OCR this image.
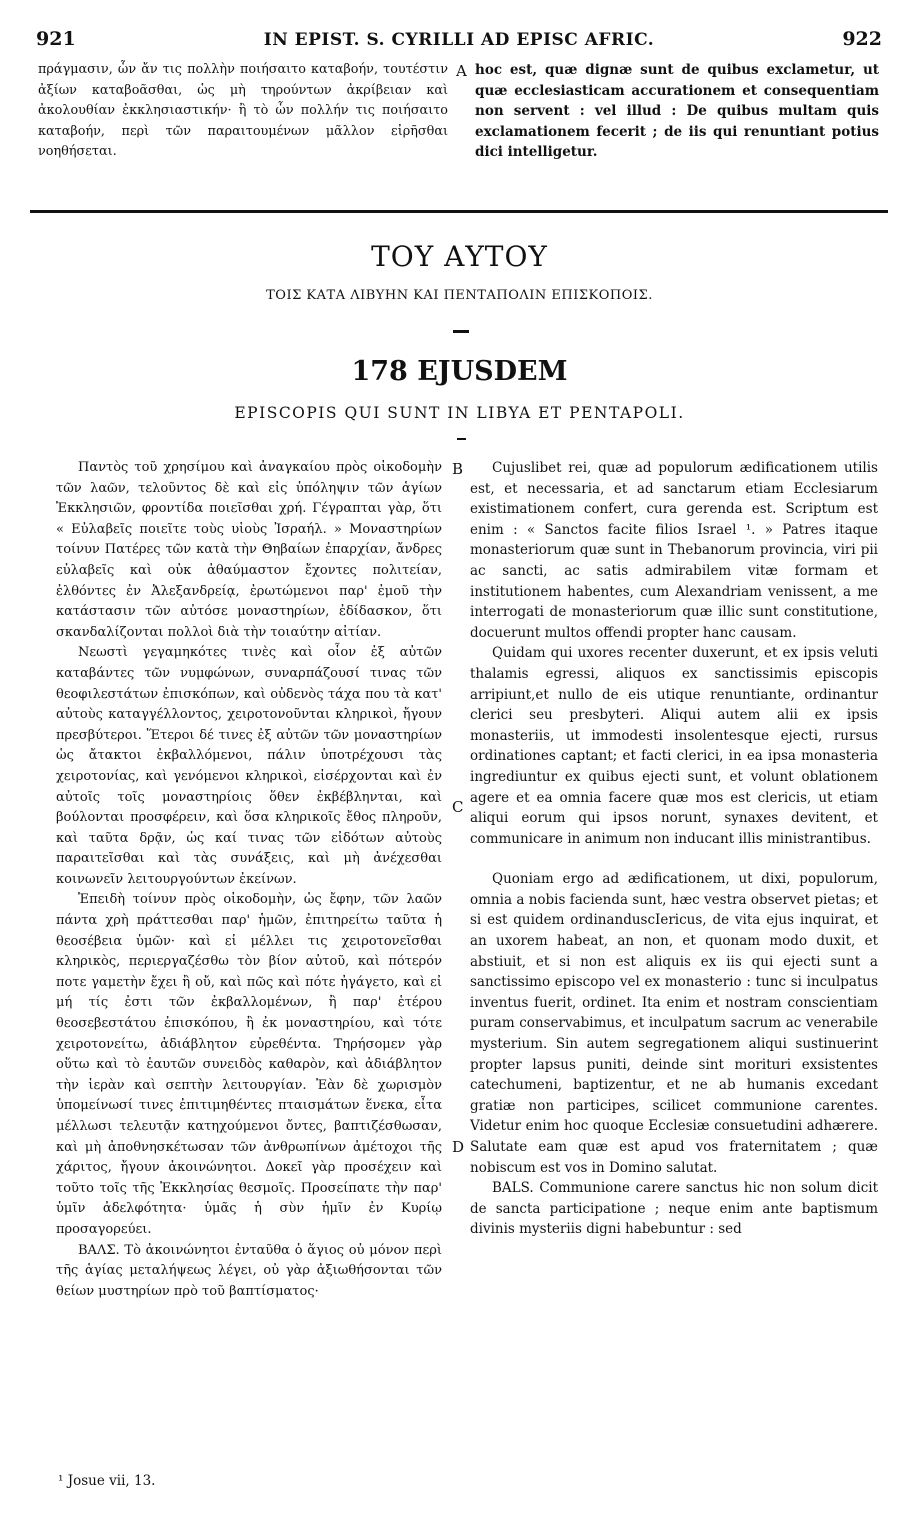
921	IN EPIST. S. CYRILLI AD EPISC AFRIC.	922

πράγμασιν, ὧν ἄν τις πολλὴν ποιήσαιτο καταβοήν, τουτέστιν ἀξίων καταβοᾶσθαι, ὡς μὴ τηρούντων ἀκρίβειαν καὶ ἀκολουθίαν ἐκκλησιαστικήν· ἢ τὸ ὧν πολλήν τις ποιήσαιτο καταβοήν, περὶ τῶν παραιτουμένων μᾶλλον εἰρῆσθαι νοηθήσεται.

A hoc est, quæ dignæ sunt de quibus exclametur, ut quæ ecclesiasticam accurationem et consequentiam non servent : vel illud : De quibus multam quis exclamationem fecerit ; de iis qui renuntiant potius dici intelligetur.

ΤΟΥ ΑΥΤΟΥ
ΤΟΙΣ ΚΑΤΑ ΛΙΒΥΗΝ ΚΑΙ ΠΕΝΤΑΠΟΛΙΝ ΕΠΙΣΚΟΠΟΙΣ.
178 EJUSDEM
EPISCOPIS QUI SUNT IN LIBYA ET PENTAPOLI.

Παντὸς τοῦ χρησίμου καὶ ἀναγκαίου πρὸς οἰκοδομὴν τῶν λαῶν, τελοῦντος δὲ καὶ εἰς ὑπόληψιν τῶν ἁγίων Ἐκκλησιῶν, φροντίδα ποιεῖσθαι χρή. Γέγραπται γὰρ, ὅτι « Εὐλαβεῖς ποιεῖτε τοὺς υἱοὺς Ἰσραήλ. » Μοναστηρίων τοίνυν Πατέρες τῶν κατὰ τὴν Θηβαίων ἐπαρχίαν, ἄνδρες εὐλαβεῖς καὶ οὐκ ἀθαύμαστον ἔχοντες πολιτείαν, ἐλθόντες ἐν Ἀλεξανδρείᾳ, ἐρωτώμενοι παρ' ἐμοῦ τὴν κατάστασιν τῶν αὐτόσε μοναστηρίων, ἐδίδασκον, ὅτι σκανδαλίζονται πολλοὶ διὰ τὴν τοιαύτην αἰτίαν.

Νεωστὶ γεγαμηκότες τινὲς καὶ οἷον ἐξ αὐτῶν καταβάντες τῶν νυμφώνων, συναρπάζουσί τινας τῶν θεοφιλεστάτων ἐπισκόπων, καὶ οὐδενὸς τάχα που τὰ κατ' αὐτοὺς καταγγέλλοντος, χειροτονοῦνται κληρικοὶ, ἤγουν πρεσβύτεροι. Ἕτεροι δέ τινες ἐξ αὐτῶν τῶν μοναστηρίων ὡς ἄτακτοι ἐκβαλλόμενοι, πάλιν ὑποτρέχουσι τὰς χειροτονίας, καὶ γενόμενοι κληρικοὶ, εἰσέρχονται καὶ ἐν αὐτοῖς τοῖς μοναστηρίοις ὅθεν ἐκβέβληνται, καὶ βούλονται προσφέρειν, καὶ ὅσα κληρικοῖς ἔθος πληροῦν, καὶ ταῦτα δρᾷν, ὡς καί τινας τῶν εἰδότων αὐτοὺς παραιτεῖσθαι καὶ τὰς συνάξεις, καὶ μὴ ἀνέχεσθαι κοινωνεῖν λειτουργούντων ἐκείνων.

Ἐπειδὴ τοίνυν πρὸς οἰκοδομὴν, ὡς ἔφην, τῶν λαῶν πάντα χρὴ πράττεσθαι παρ' ἡμῶν, ἐπιτηρείτω ταῦτα ἡ θεοσέβεια ὑμῶν· καὶ εἰ μέλλει τις χειροτονεῖσθαι κληρικὸς, περιεργαζέσθω τὸν βίον αὐτοῦ, καὶ πότερόν ποτε γαμετὴν ἔχει ἢ οὔ, καὶ πῶς καὶ πότε ἠγάγετο, καὶ εἰ μή τίς ἐστι τῶν ἐκβαλλομένων, ἢ παρ' ἑτέρου θεοσεβεστάτου ἐπισκόπου, ἢ ἐκ μοναστηρίου, καὶ τότε χειροτονείτω, ἀδιάβλητον εὑρεθέντα. Τηρήσομεν γὰρ οὕτω καὶ τὸ ἑαυτῶν συνειδὸς καθαρὸν, καὶ ἀδιάβλητον τὴν ἱερὰν καὶ σεπτὴν λειτουργίαν. Ἐὰν δὲ χωρισμὸν ὑπομείνωσί τινες ἐπιτιμηθέντες πταισμάτων ἕνεκα, εἶτα μέλλωσι τελευτᾷν κατηχούμενοι ὄντες, βαπτιζέσθωσαν, καὶ μὴ ἀποθνησκέτωσαν τῶν ἀνθρωπίνων ἀμέτοχοι τῆς χάριτος, ἤγουν ἀκοινώνητοι. Δοκεῖ γὰρ προσέχειν καὶ τοῦτο τοῖς τῆς Ἐκκλησίας θεσμοῖς. Προσείπατε τὴν παρ' ὑμῖν ἀδελφότητα· ὑμᾶς ἡ σὺν ἡμῖν ἐν Κυρίῳ προσαγορεύει.

ΒΑΛΣ. Τὸ ἀκοινώνητοι ἐνταῦθα ὁ ἅγιος οὐ μόνον περὶ τῆς ἁγίας μεταλήψεως λέγει, οὐ γὰρ ἀξιωθήσονται τῶν θείων μυστηρίων πρὸ τοῦ βαπτίσματος·

B
C
D

Cujuslibet rei, quæ ad populorum ædificationem utilis est, et necessaria, et ad sanctarum etiam Ecclesiarum existimationem confert, cura gerenda est. Scriptum est enim : « Sanctos facite filios Israel ¹. » Patres itaque monasteriorum quæ sunt in Thebanorum provincia, viri pii ac sancti, ac satis admirabilem vitæ formam et institutionem habentes, cum Alexandriam venissent, a me interrogati de monasteriorum quæ illic sunt constitutione, docuerunt multos offendi propter hanc causam.

Quidam qui uxores recenter duxerunt, et ex ipsis veluti thalamis egressi, aliquos ex sanctissimis episcopis arripiunt,et nullo de eis utique renuntiante, ordinantur clerici seu presbyteri. Aliqui autem alii ex ipsis monasteriis, ut immodesti insolentesque ejecti, rursus ordinationes captant; et facti clerici, in ea ipsa monasteria ingrediuntur ex quibus ejecti sunt, et volunt oblationem agere et ea omnia facere quæ mos est clericis, ut etiam aliqui eorum qui ipsos norunt, synaxes devitent, et communicare in animum non inducant illis ministrantibus.

Quoniam ergo ad ædificationem, ut dixi, populorum, omnia a nobis facienda sunt, hæc vestra observet pietas; et si est quidem ordinanduscIericus, de vita ejus inquirat, et an uxorem habeat, an non, et quonam modo duxit, et abstiuit, et si non est aliquis ex iis qui ejecti sunt a sanctissimo episcopo vel ex monasterio : tunc si inculpatus inventus fuerit, ordinet. Ita enim et nostram conscientiam puram conservabimus, et inculpatum sacrum ac venerabile mysterium. Sin autem segregationem aliqui sustinuerint propter lapsus puniti, deinde sint morituri exsistentes catechumeni, baptizentur, et ne ab humanis excedant gratiæ non participes, scilicet communione carentes. Videtur enim hoc quoque Ecclesiæ consuetudini adhærere. Salutate eam quæ est apud vos fraternitatem ; quæ nobiscum est vos in Domino salutat.

BALS. Communione carere sanctus hic non solum dicit de sancta participatione ; neque enim ante baptismum divinis mysteriis digni habebuntur : sed

¹ Josue vii, 13.
